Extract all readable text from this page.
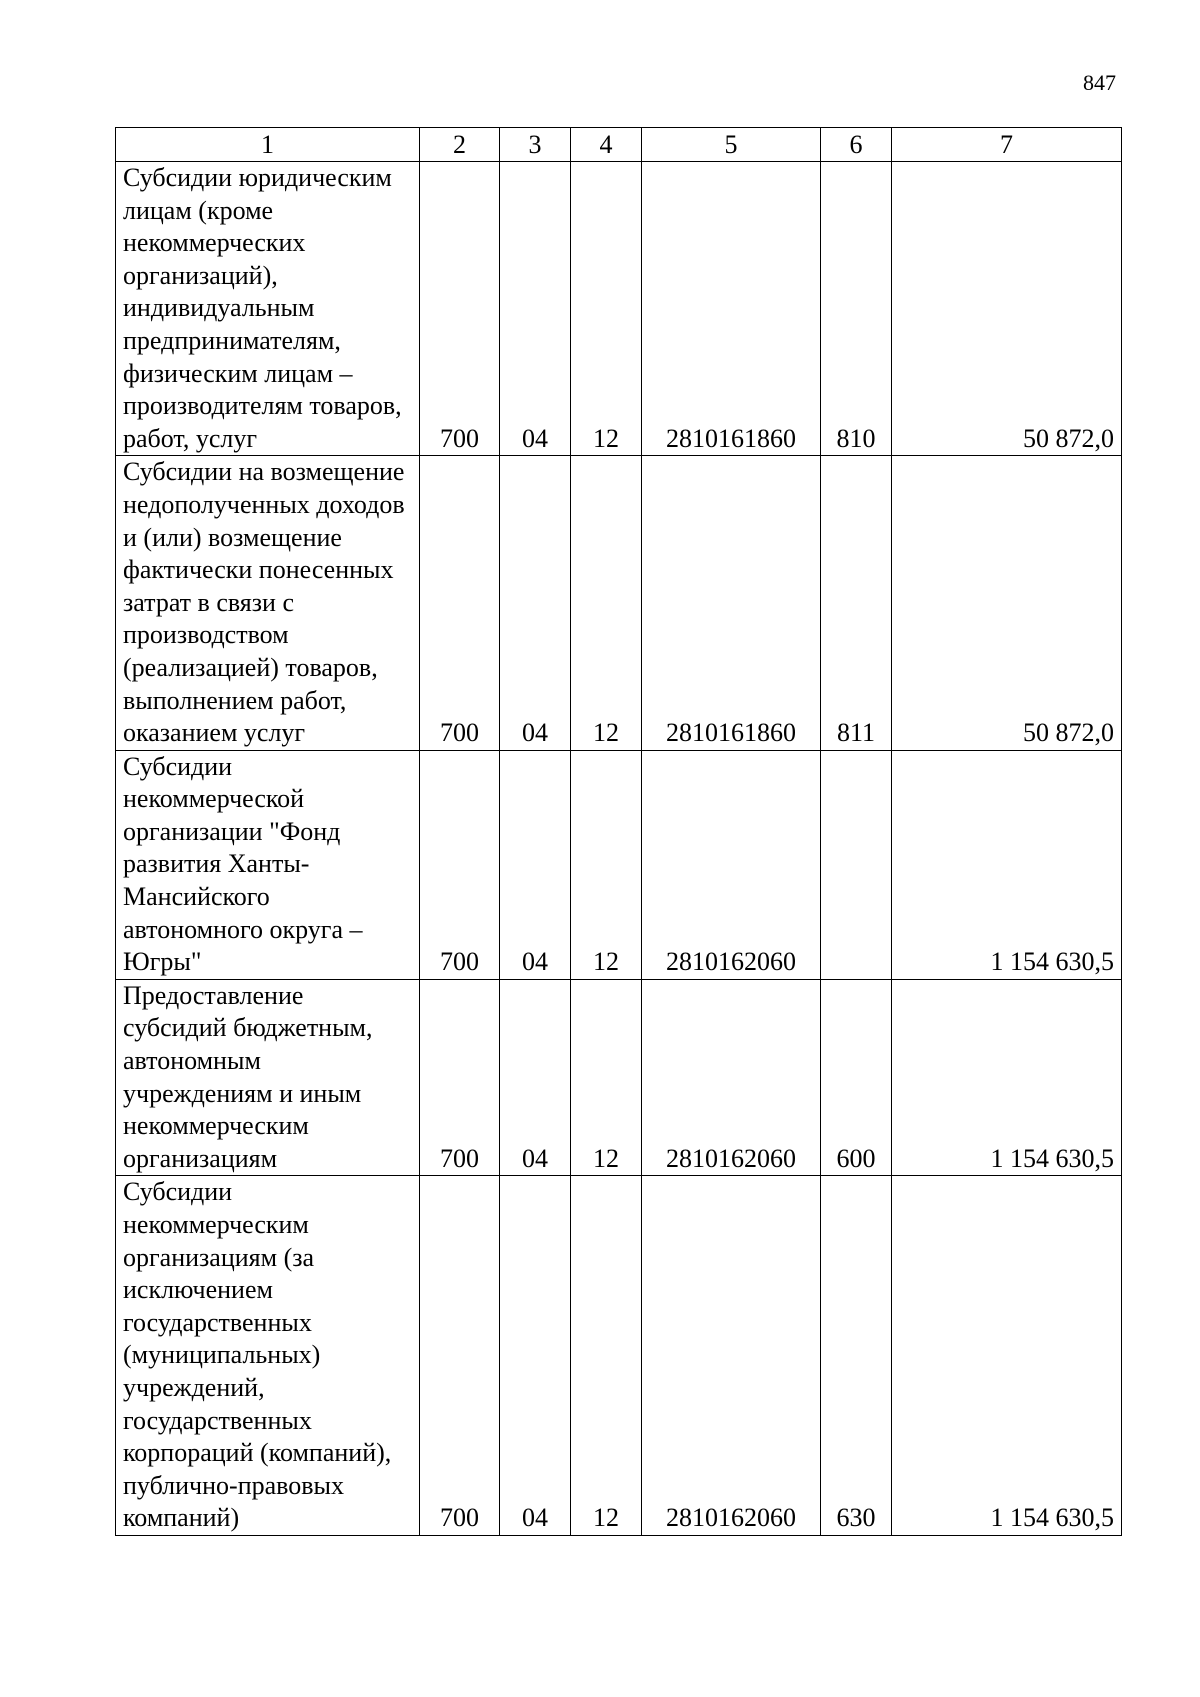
847
1	2	3	4	5	6	7
Субсидии юридическим лицам (кроме некоммерческих организаций), индивидуальным предпринимателям, физическим лицам – производителям товаров, работ, услуг	700	04	12	2810161860	810	50 872,0
Субсидии на возмещение недополученных доходов и (или) возмещение фактически понесенных затрат в связи с производством (реализацией) товаров, выполнением работ, оказанием услуг	700	04	12	2810161860	811	50 872,0
Субсидии некоммерческой организации "Фонд развития Ханты-Мансийского автономного округа – Югры"	700	04	12	2810162060		1 154 630,5
Предоставление субсидий бюджетным, автономным учреждениям и иным некоммерческим организациям	700	04	12	2810162060	600	1 154 630,5
Субсидии некоммерческим организациям (за исключением государственных (муниципальных) учреждений, государственных корпораций (компаний), публично-правовых компаний)	700	04	12	2810162060	630	1 154 630,5
